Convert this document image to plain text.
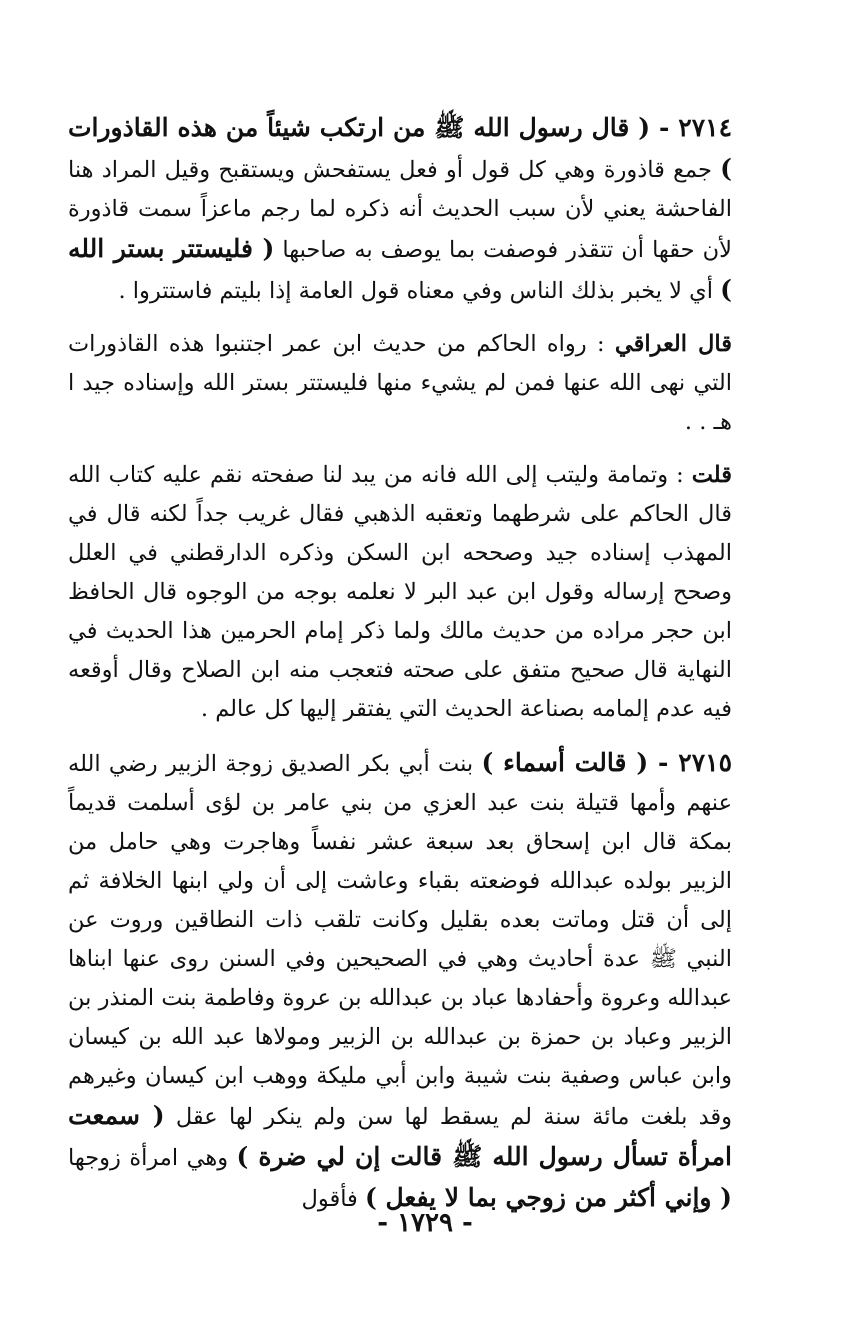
٢٧١٤ - ( قال رسول الله ﷺ من ارتكب شيئاً من هذه القاذورات ) جمع قاذورة وهي كل قول أو فعل يستفحش ويستقبح وقيل المراد هنا الفاحشة يعني لأن سبب الحديث أنه ذكره لما رجم ماعزاً سمت قاذورة لأن حقها أن تتقذر فوصفت بما يوصف به صاحبها ( فليستتر بستر الله ) أي لا يخبر بذلك الناس وفي معناه قول العامة إذا بليتم فاستتروا .

قال العراقي : رواه الحاكم من حديث ابن عمر اجتنبوا هذه القاذورات التي نهى الله عنها فمن لم يشيء منها فليستتر بستر الله وإسناده جيد ا هـ . .

قلت : وتمامة وليتب إلى الله فانه من يبد لنا صفحته نقم عليه كتاب الله قال الحاكم على شرطهما وتعقبه الذهبي فقال غريب جداً لكنه قال في المهذب إسناده جيد وصححه ابن السكن وذكره الدارقطني في العلل وصحح إرساله وقول ابن عبد البر لا نعلمه بوجه من الوجوه قال الحافظ ابن حجر مراده من حديث مالك ولما ذكر إمام الحرمين هذا الحديث في النهاية قال صحيح متفق على صحته فتعجب منه ابن الصلاح وقال أوقعه فيه عدم إلمامه بصناعة الحديث التي يفتقر إليها كل عالم .

٢٧١٥ - ( قالت أسماء ) بنت أبي بكر الصديق زوجة الزبير رضي الله عنهم وأمها قتيلة بنت عبد العزي من بني عامر بن لؤى أسلمت قديماً بمكة قال ابن إسحاق بعد سبعة عشر نفساً وهاجرت وهي حامل من الزبير بولده عبدالله فوضعته بقباء وعاشت إلى أن ولي ابنها الخلافة ثم إلى أن قتل وماتت بعده بقليل وكانت تلقب ذات النطاقين وروت عن النبي ﷺ عدة أحاديث وهي في الصحيحين وفي السنن روى عنها ابناها عبدالله وعروة وأحفادها عباد بن عبدالله بن عروة وفاطمة بنت المنذر بن الزبير وعباد بن حمزة بن عبدالله بن الزبير ومولاها عبد الله بن كيسان وابن عباس وصفية بنت شيبة وابن أبي مليكة ووهب ابن كيسان وغيرهم وقد بلغت مائة سنة لم يسقط لها سن ولم ينكر لها عقل ( سمعت امرأة تسأل رسول الله ﷺ قالت إن لي ضرة ) وهي امرأة زوجها ( وإني أكثر من زوجي بما لا يفعل ) فأقول

- ١٧٢٩ -
